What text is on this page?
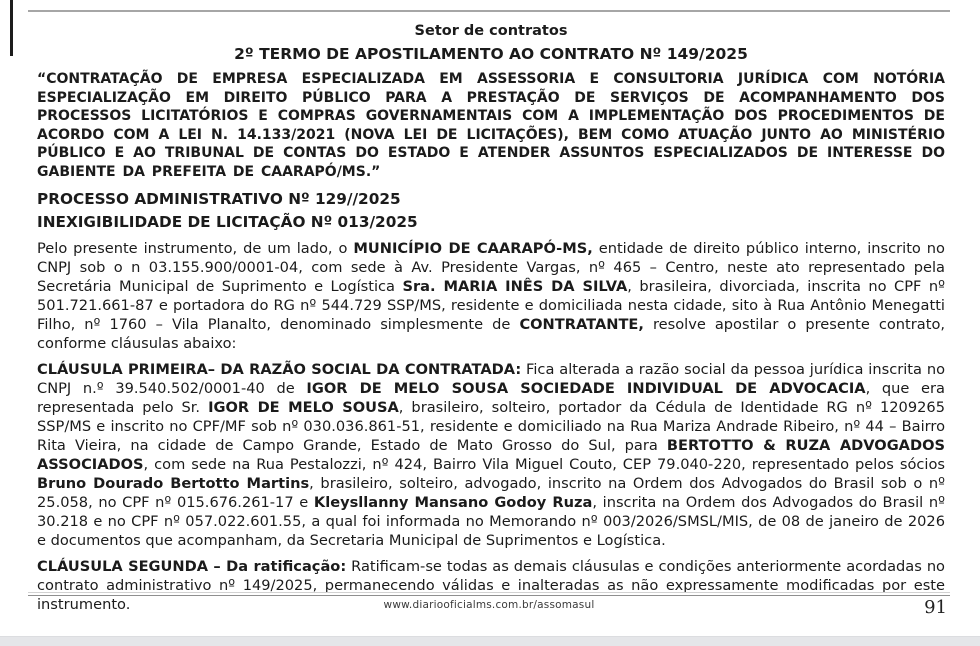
Setor de contratos
2º TERMO DE APOSTILAMENTO AO CONTRATO Nº 149/2025

“CONTRATAÇÃO DE EMPRESA ESPECIALIZADA EM ASSESSORIA E CONSULTORIA JURÍDICA COM NOTÓRIA ESPECIALIZAÇÃO EM DIREITO PÚBLICO PARA A PRESTAÇÃO DE SERVIÇOS DE ACOMPANHAMENTO DOS PROCESSOS LICITATÓRIOS E COMPRAS GOVERNAMENTAIS COM A IMPLEMENTAÇÃO DOS PROCEDIMENTOS DE ACORDO COM A LEI N. 14.133/2021 (NOVA LEI DE LICITAÇÕES), BEM COMO ATUAÇÃO JUNTO AO MINISTÉRIO PÚBLICO E AO TRIBUNAL DE CONTAS DO ESTADO E ATENDER ASSUNTOS ESPECIALIZADOS DE INTERESSE DO GABIENTE DA PREFEITA DE CAARAPÓ/MS.”

PROCESSO ADMINISTRATIVO Nº 129//2025

INEXIGIBILIDADE DE LICITAÇÃO Nº 013/2025

Pelo presente instrumento, de um lado, o MUNICÍPIO DE CAARAPÓ-MS, entidade de direito público interno, inscrito no CNPJ sob o n 03.155.900/0001-04, com sede à Av. Presidente Vargas, nº 465 – Centro, neste ato representado pela Secretária Municipal de Suprimento e Logística Sra. MARIA INÊS DA SILVA, brasileira, divorciada, inscrita no CPF nº 501.721.661-87 e portadora do RG nº 544.729 SSP/MS, residente e domiciliada nesta cidade, sito à Rua Antônio Menegatti Filho, nº 1760 – Vila Planalto, denominado simplesmente de CONTRATANTE, resolve apostilar o presente contrato, conforme cláusulas abaixo:

CLÁUSULA PRIMEIRA– DA RAZÃO SOCIAL DA CONTRATADA: Fica alterada a razão social da pessoa jurídica inscrita no CNPJ n.º 39.540.502/0001-40 de IGOR DE MELO SOUSA SOCIEDADE INDIVIDUAL DE ADVOCACIA, que era representada pelo Sr. IGOR DE MELO SOUSA, brasileiro, solteiro, portador da Cédula de Identidade RG nº 1209265 SSP/MS e inscrito no CPF/MF sob nº 030.036.861-51, residente e domiciliado na Rua Mariza Andrade Ribeiro, nº 44 – Bairro Rita Vieira, na cidade de Campo Grande, Estado de Mato Grosso do Sul, para BERTOTTO & RUZA ADVOGADOS ASSOCIADOS, com sede na Rua Pestalozzi, nº 424, Bairro Vila Miguel Couto, CEP 79.040-220, representado pelos sócios Bruno Dourado Bertotto Martins, brasileiro, solteiro, advogado, inscrito na Ordem dos Advogados do Brasil sob o nº 25.058, no CPF nº 015.676.261-17 e Kleysllanny Mansano Godoy Ruza, inscrita na Ordem dos Advogados do Brasil nº 30.218 e no CPF nº 057.022.601.55, a qual foi informada no Memorando nº 003/2026/SMSL/MIS, de 08 de janeiro de 2026 e documentos que acompanham, da Secretaria Municipal de Suprimentos e Logística.

CLÁUSULA SEGUNDA – Da ratificação: Ratificam-se todas as demais cláusulas e condições anteriormente acordadas no contrato administrativo nº 149/2025, permanecendo válidas e inalteradas as não expressamente modificadas por este instrumento.	www.diariooficialms.com.br/assomasul	91
